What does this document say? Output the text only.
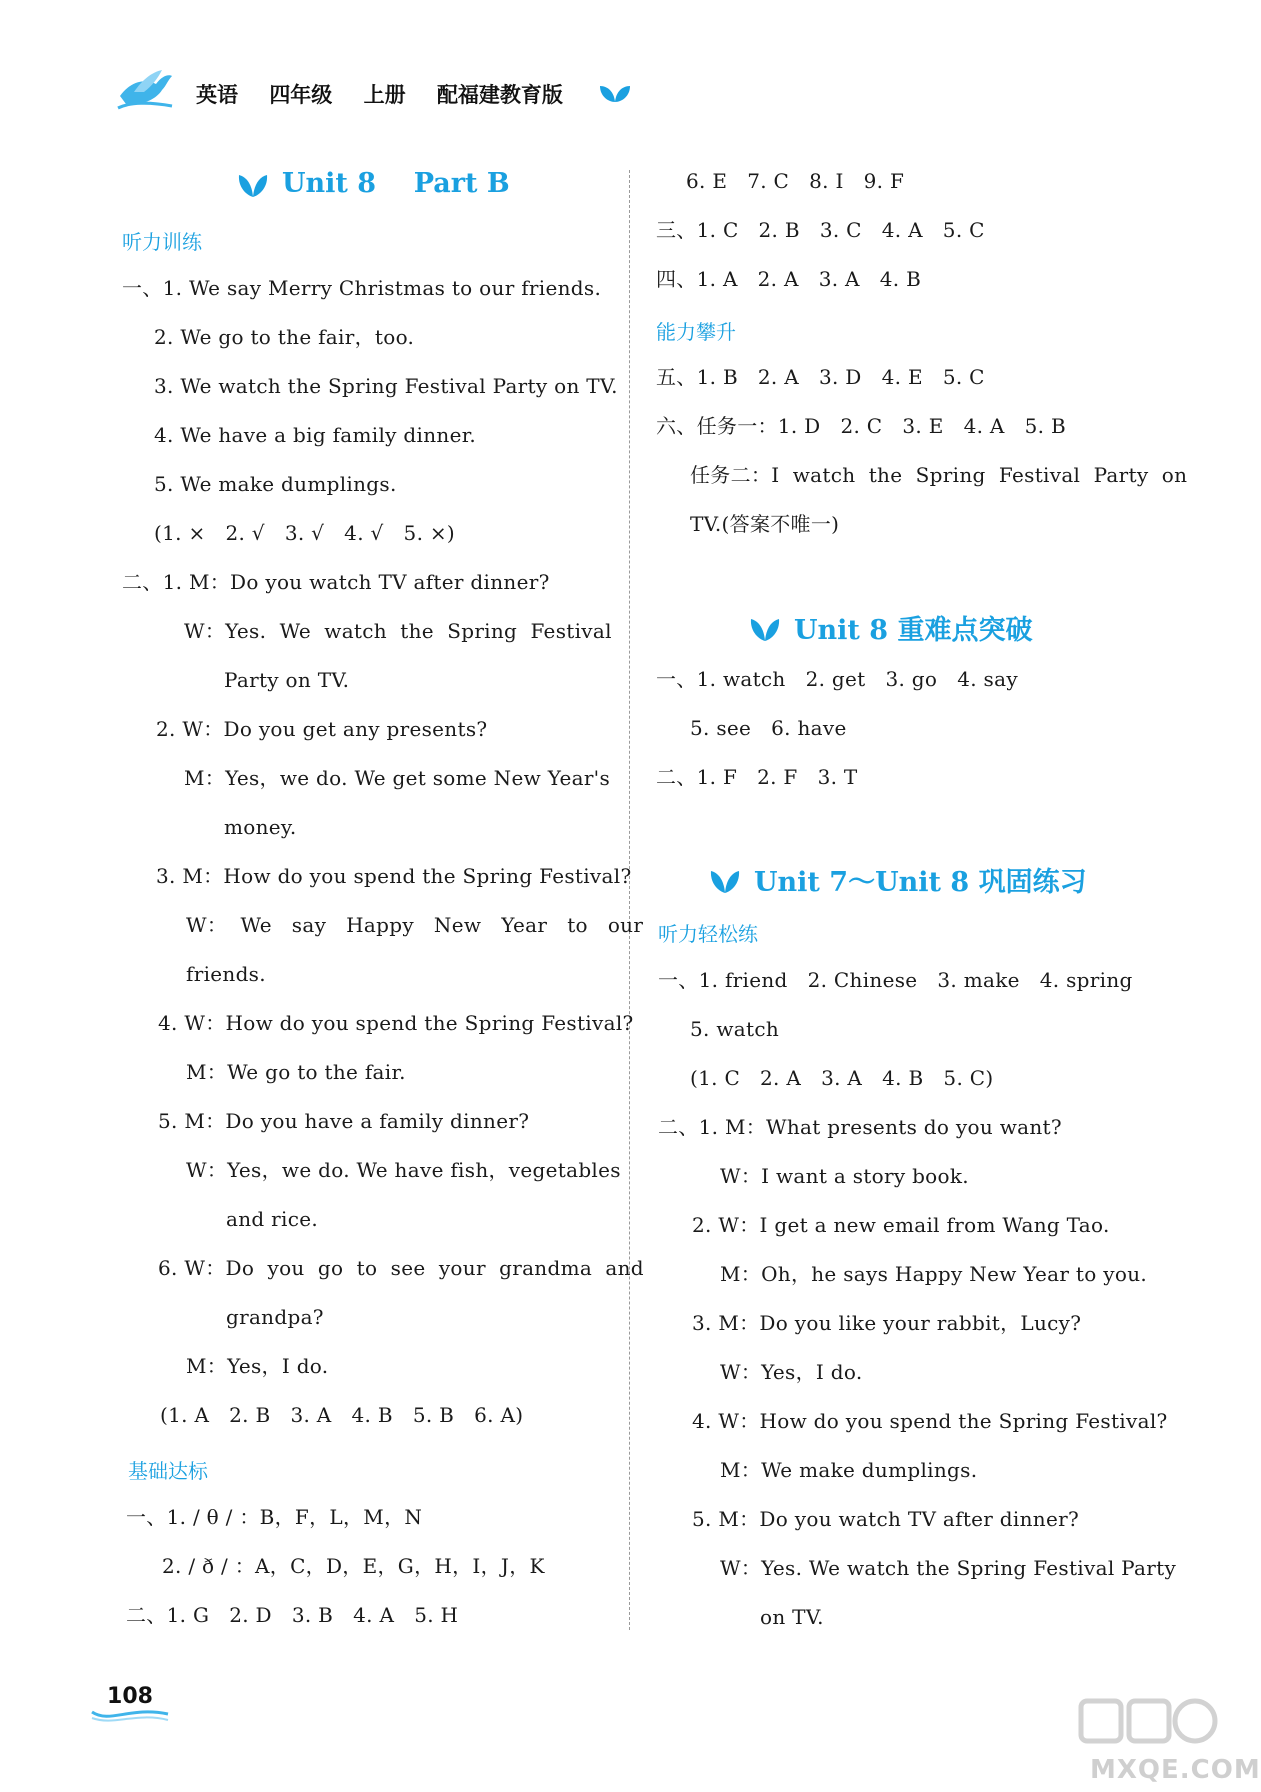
英语 四年级 上册 配福建教育版
Unit 8    Part B
听力训练
一、1. We say Merry Christmas to our friends.
2. We go to the fair，too.
3. We watch the Spring Festival Party on TV.
4. We have a big family dinner.
5. We make dumplings.
(1. ×   2. √   3. √   4. √   5. ×)
二、1. M：Do you watch TV after dinner?
W：Yes.  We  watch  the  Spring  Festival
Party on TV.
2. W：Do you get any presents?
M：Yes，we do. We get some New Year's
money.
3. M：How do you spend the Spring Festival?
W：  We   say   Happy   New   Year   to   our
friends.
4. W：How do you spend the Spring Festival?
M：We go to the fair.
5. M：Do you have a family dinner?
W：Yes，we do. We have fish，vegetables
and rice.
6. W：Do  you  go  to  see  your  grandma  and
grandpa?
M：Yes，I do.
(1. A   2. B   3. A   4. B   5. B   6. A)
基础达标
一、1. / θ / ：B，F，L，M，N
2. / ð / ：A，C，D，E，G，H，I，J，K
二、1. G   2. D   3. B   4. A   5. H
6. E   7. C   8. I   9. F
三、1. C   2. B   3. C   4. A   5. C
四、1. A   2. A   3. A   4. B
能力攀升
五、1. B   2. A   3. D   4. E   5. C
六、任务一：1. D   2. C   3. E   4. A   5. B
任务二：I  watch  the  Spring  Festival  Party  on
TV.(答案不唯一)
Unit 8 重难点突破
一、1. watch   2. get   3. go   4. say
5. see   6. have
二、1. F   2. F   3. T
Unit 7～Unit 8 巩固练习
听力轻松练
一、1. friend   2. Chinese   3. make   4. spring
5. watch
(1. C   2. A   3. A   4. B   5. C)
二、1. M：What presents do you want?
W：I want a story book.
2. W：I get a new email from Wang Tao.
M：Oh，he says Happy New Year to you.
3. M：Do you like your rabbit，Lucy?
W：Yes，I do.
4. W：How do you spend the Spring Festival?
M：We make dumplings.
5. M：Do you watch TV after dinner?
W：Yes. We watch the Spring Festival Party
on TV.
108
MXQE.COM
